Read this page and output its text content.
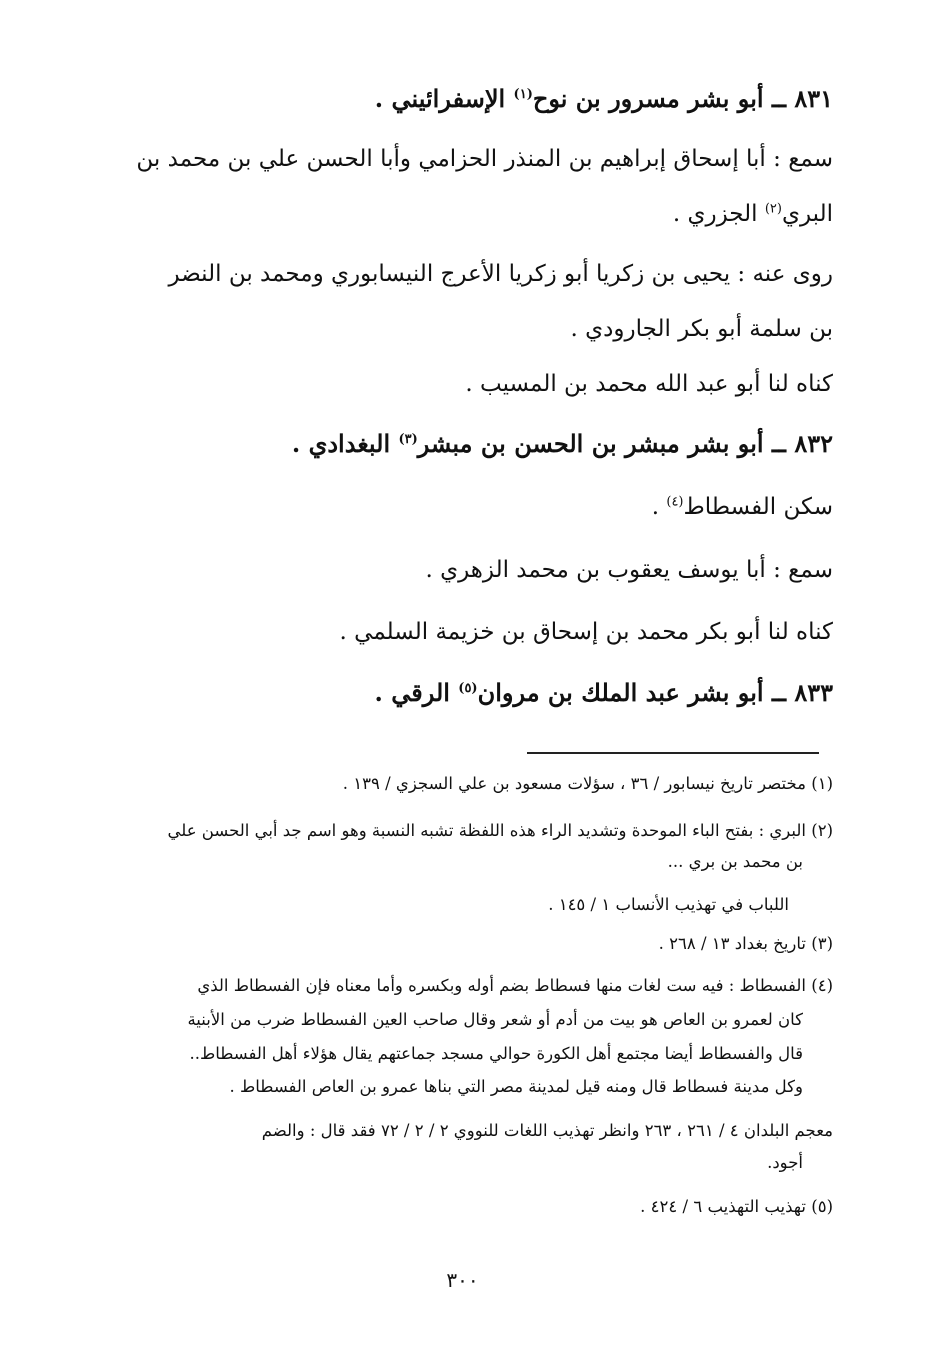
٨٣١ ــ أبو بشر مسرور بن نوح$^{(١)}$ الإسفرائيني .
سمع : أبا إسحاق إبراهيم بن المنذر الحزامي وأبا الحسن علي بن محمد بن
البري$^{(٢)}$ الجزري .
روى عنه : يحيى بن زكريا أبو زكريا الأعرج النيسابوري ومحمد بن النضر
بن سلمة أبو بكر الجارودي .
كناه لنا أبو عبد الله محمد بن المسيب .
٨٣٢ ــ أبو بشر مبشر بن الحسن بن مبشر$^{(٣)}$ البغدادي .
سكن الفسطاط$^{(٤)}$ .
سمع : أبا يوسف يعقوب بن محمد الزهري .
كناه لنا أبو بكر محمد بن إسحاق بن خزيمة السلمي .
٨٣٣ ــ أبو بشر عبد الملك بن مروان$^{(٥)}$ الرقي .
(١) مختصر تاريخ نيسابور / ٣٦ ، سؤلات مسعود بن علي السجزي / ١٣٩ .
(٢) البري : بفتح الباء الموحدة وتشديد الراء هذه اللفظة تشبه النسبة وهو اسم جد أبي الحسن علي
بن محمد بن بري ...
اللباب في تهذيب الأنساب ١ / ١٤٥ .
(٣) تاريخ بغداد ١٣ / ٢٦٨ .
(٤) الفسطاط : فيه ست لغات منها فسطاط بضم أوله وبكسره وأما معناه فإن الفسطاط الذي
كان لعمرو بن العاص هو بيت من أدم أو شعر وقال صاحب العين الفسطاط ضرب من الأبنية
قال والفسطاط أيضا مجتمع أهل الكورة حوالي مسجد جماعتهم يقال هؤلاء أهل الفسطاط..
وكل مدينة فسطاط قال ومنه قيل لمدينة مصر التي بناها عمرو بن العاص الفسطاط .
معجم البلدان ٤ / ٢٦١ ، ٢٦٣ وانظر تهذيب اللغات للنووي ٢ / ٢ / ٧٢ فقد قال : والضم
أجود.
(٥) تهذيب التهذيب ٦ / ٤٢٤ .
٣٠٠
